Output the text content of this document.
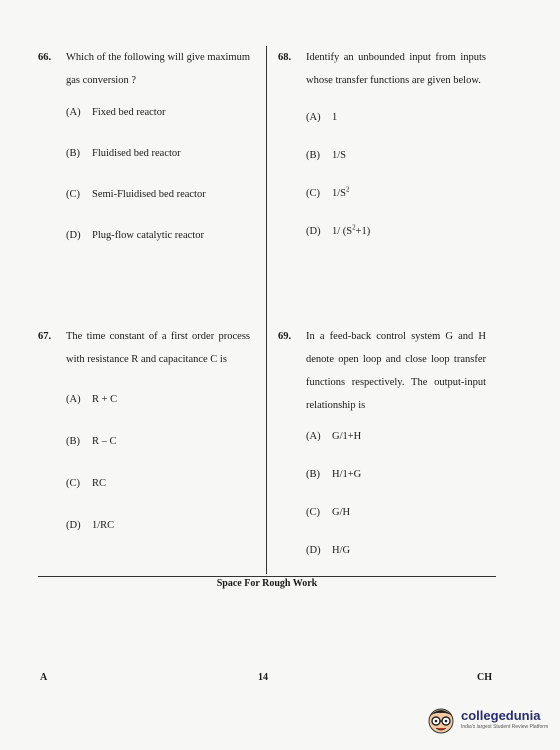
66.	Which of the following will give maximum gas conversion ?
(A) Fixed bed reactor
(B) Fluidised bed reactor
(C) Semi-Fluidised bed reactor
(D) Plug-flow catalytic reactor
68.	Identify an unbounded input from inputs whose transfer functions are given below.
(A) 1
(B) 1/S
(C) $1/S^2$
(D) 1/ $(S^2+1)$
67.	The time constant of a first order process with resistance R and capacitance C is
(A) R + C
(B) R – C
(C) RC
(D) 1/RC
69.	In a feed-back control system G and H denote open loop and close loop transfer functions respectively. The output-input relationship is
(A) G/1+H
(B) H/1+G
(C) G/H
(D) H/G
Space For Rough Work
A	14	CH
collegedunia
India's largest Student Review Platform
